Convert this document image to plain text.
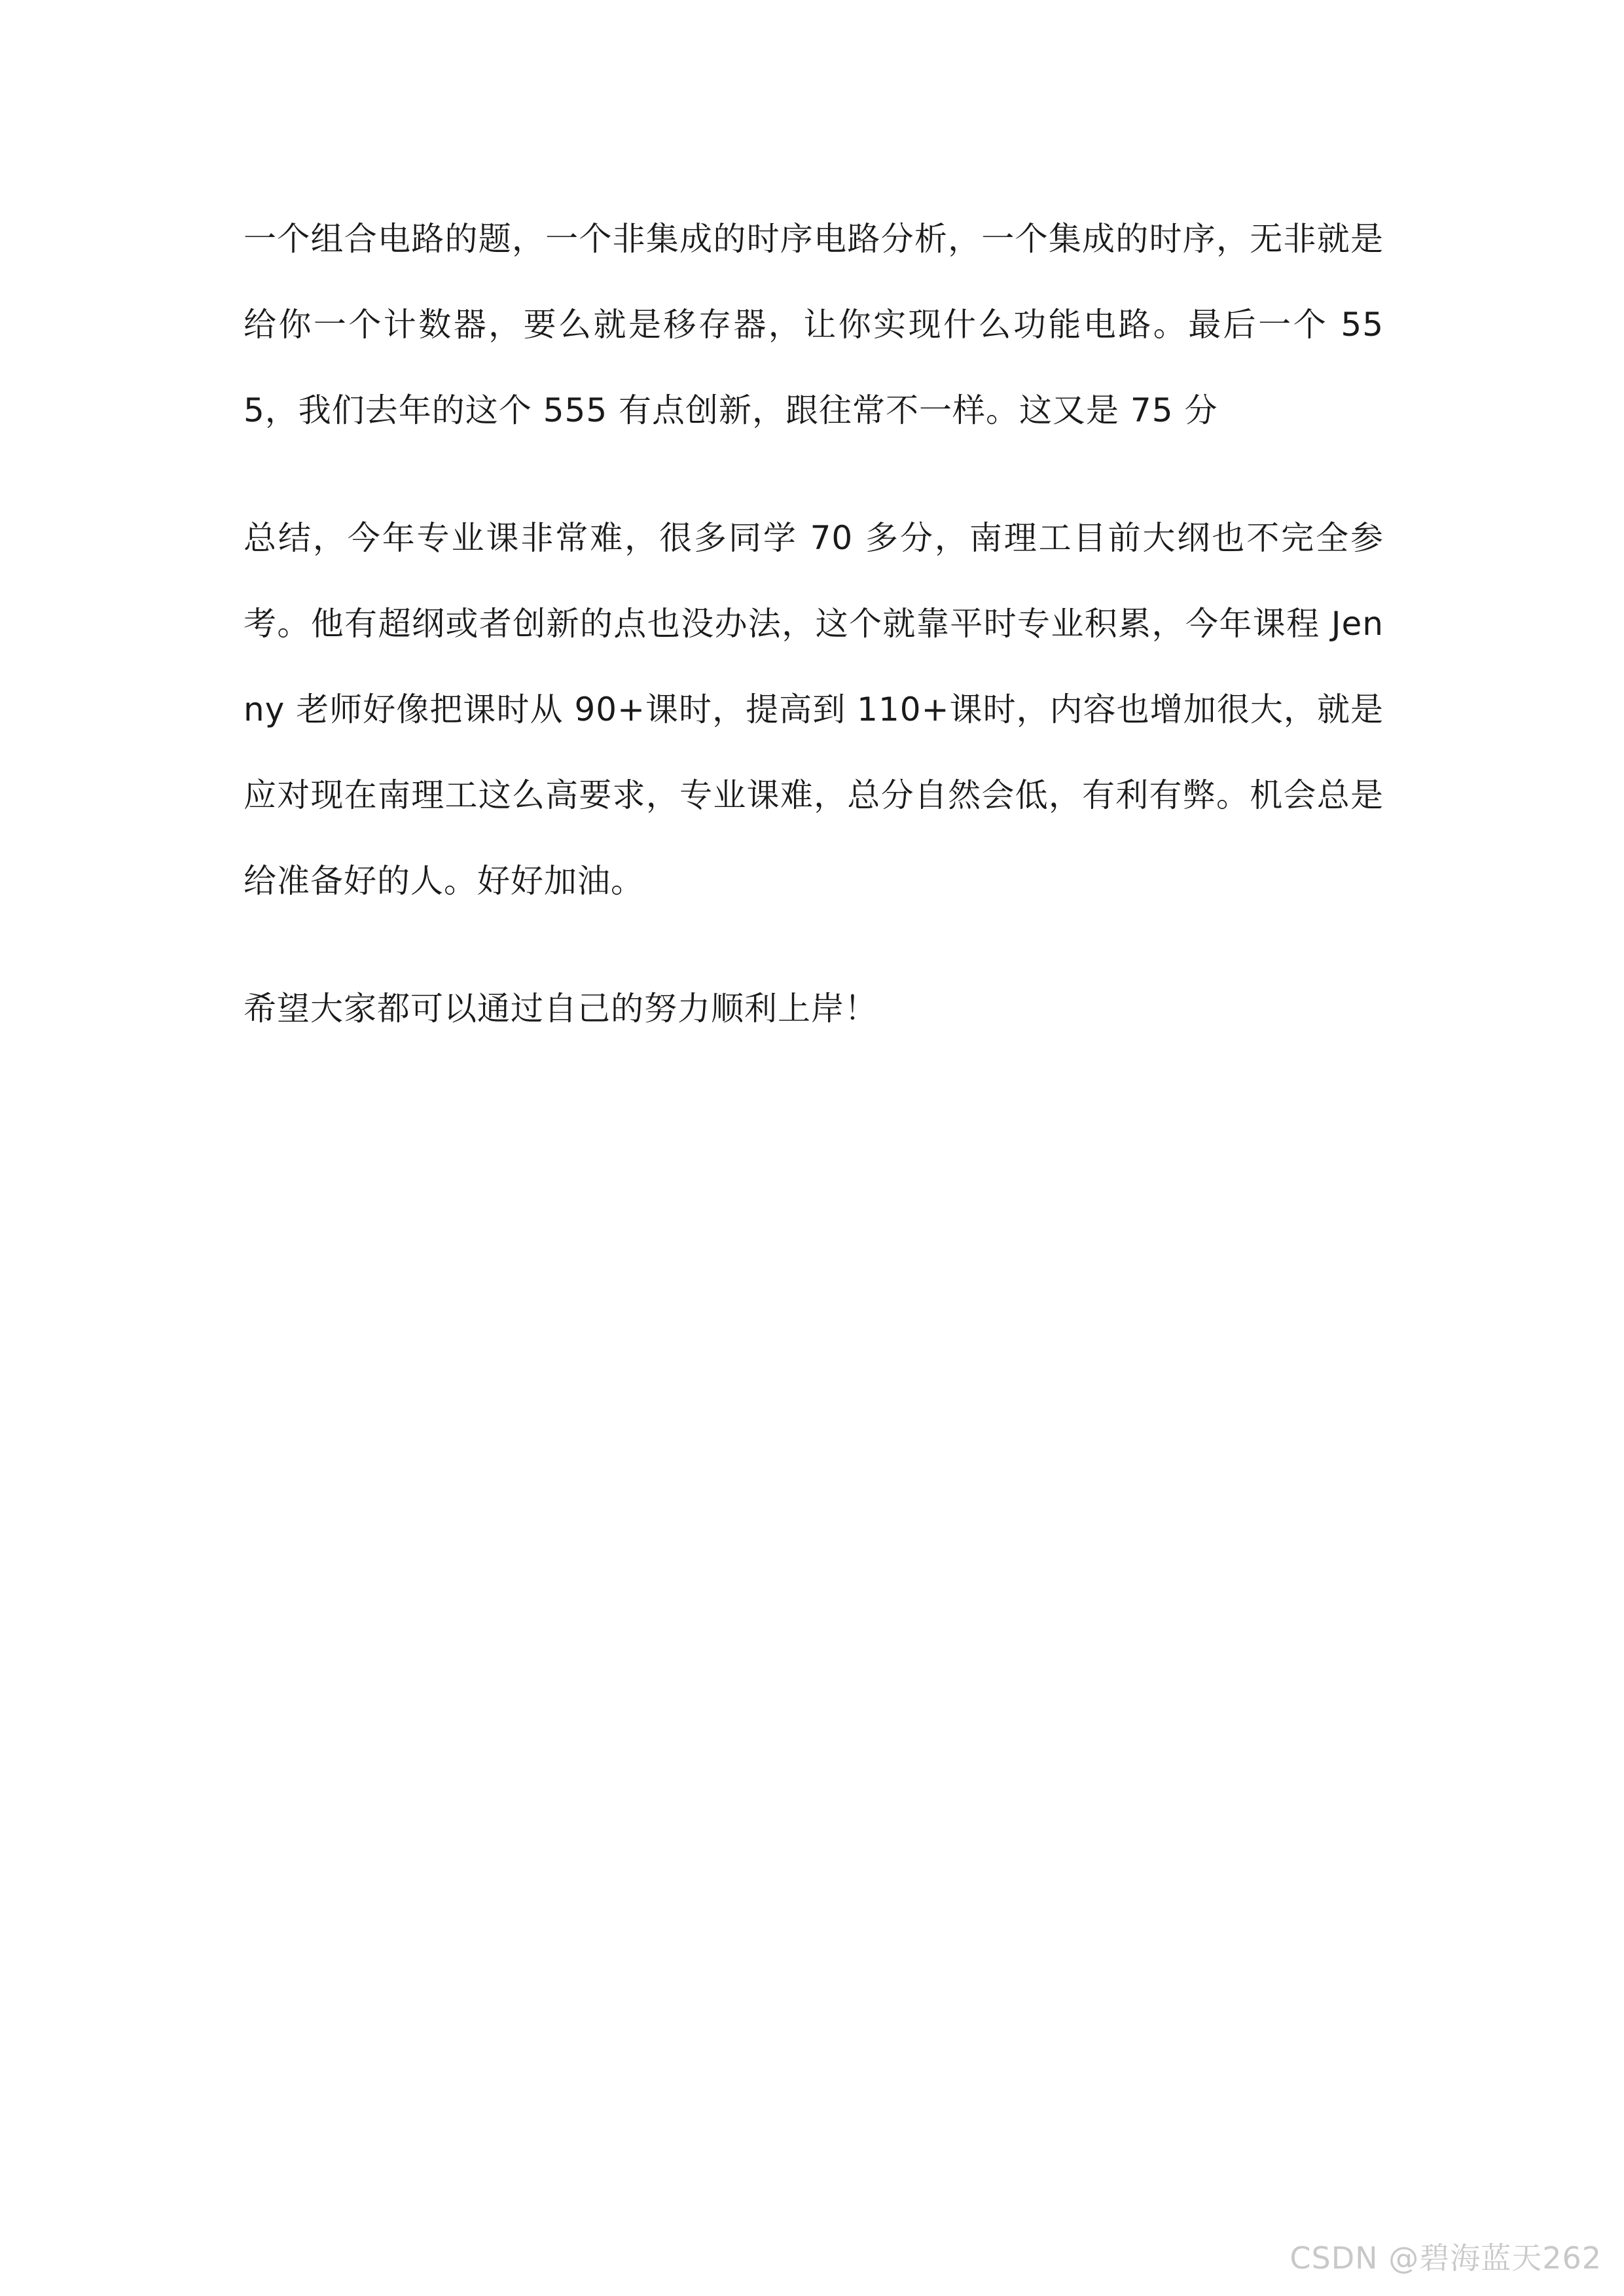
一个组合电路的题，一个非集成的时序电路分析，一个集成的时序，无非就是给你一个计数器，要么就是移存器，让你实现什么功能电路。最后一个 555，我们去年的这个 555 有点创新，跟往常不一样。这又是 75 分

总结，今年专业课非常难，很多同学 70 多分，南理工目前大纲也不完全参考。他有超纲或者创新的点也没办法，这个就靠平时专业积累，今年课程 Jenny 老师好像把课时从 90+课时，提高到 110+课时，内容也增加很大，就是应对现在南理工这么高要求，专业课难，总分自然会低，有利有弊。机会总是给准备好的人。好好加油。

希望大家都可以通过自己的努力顺利上岸！

CSDN @碧海蓝天262
